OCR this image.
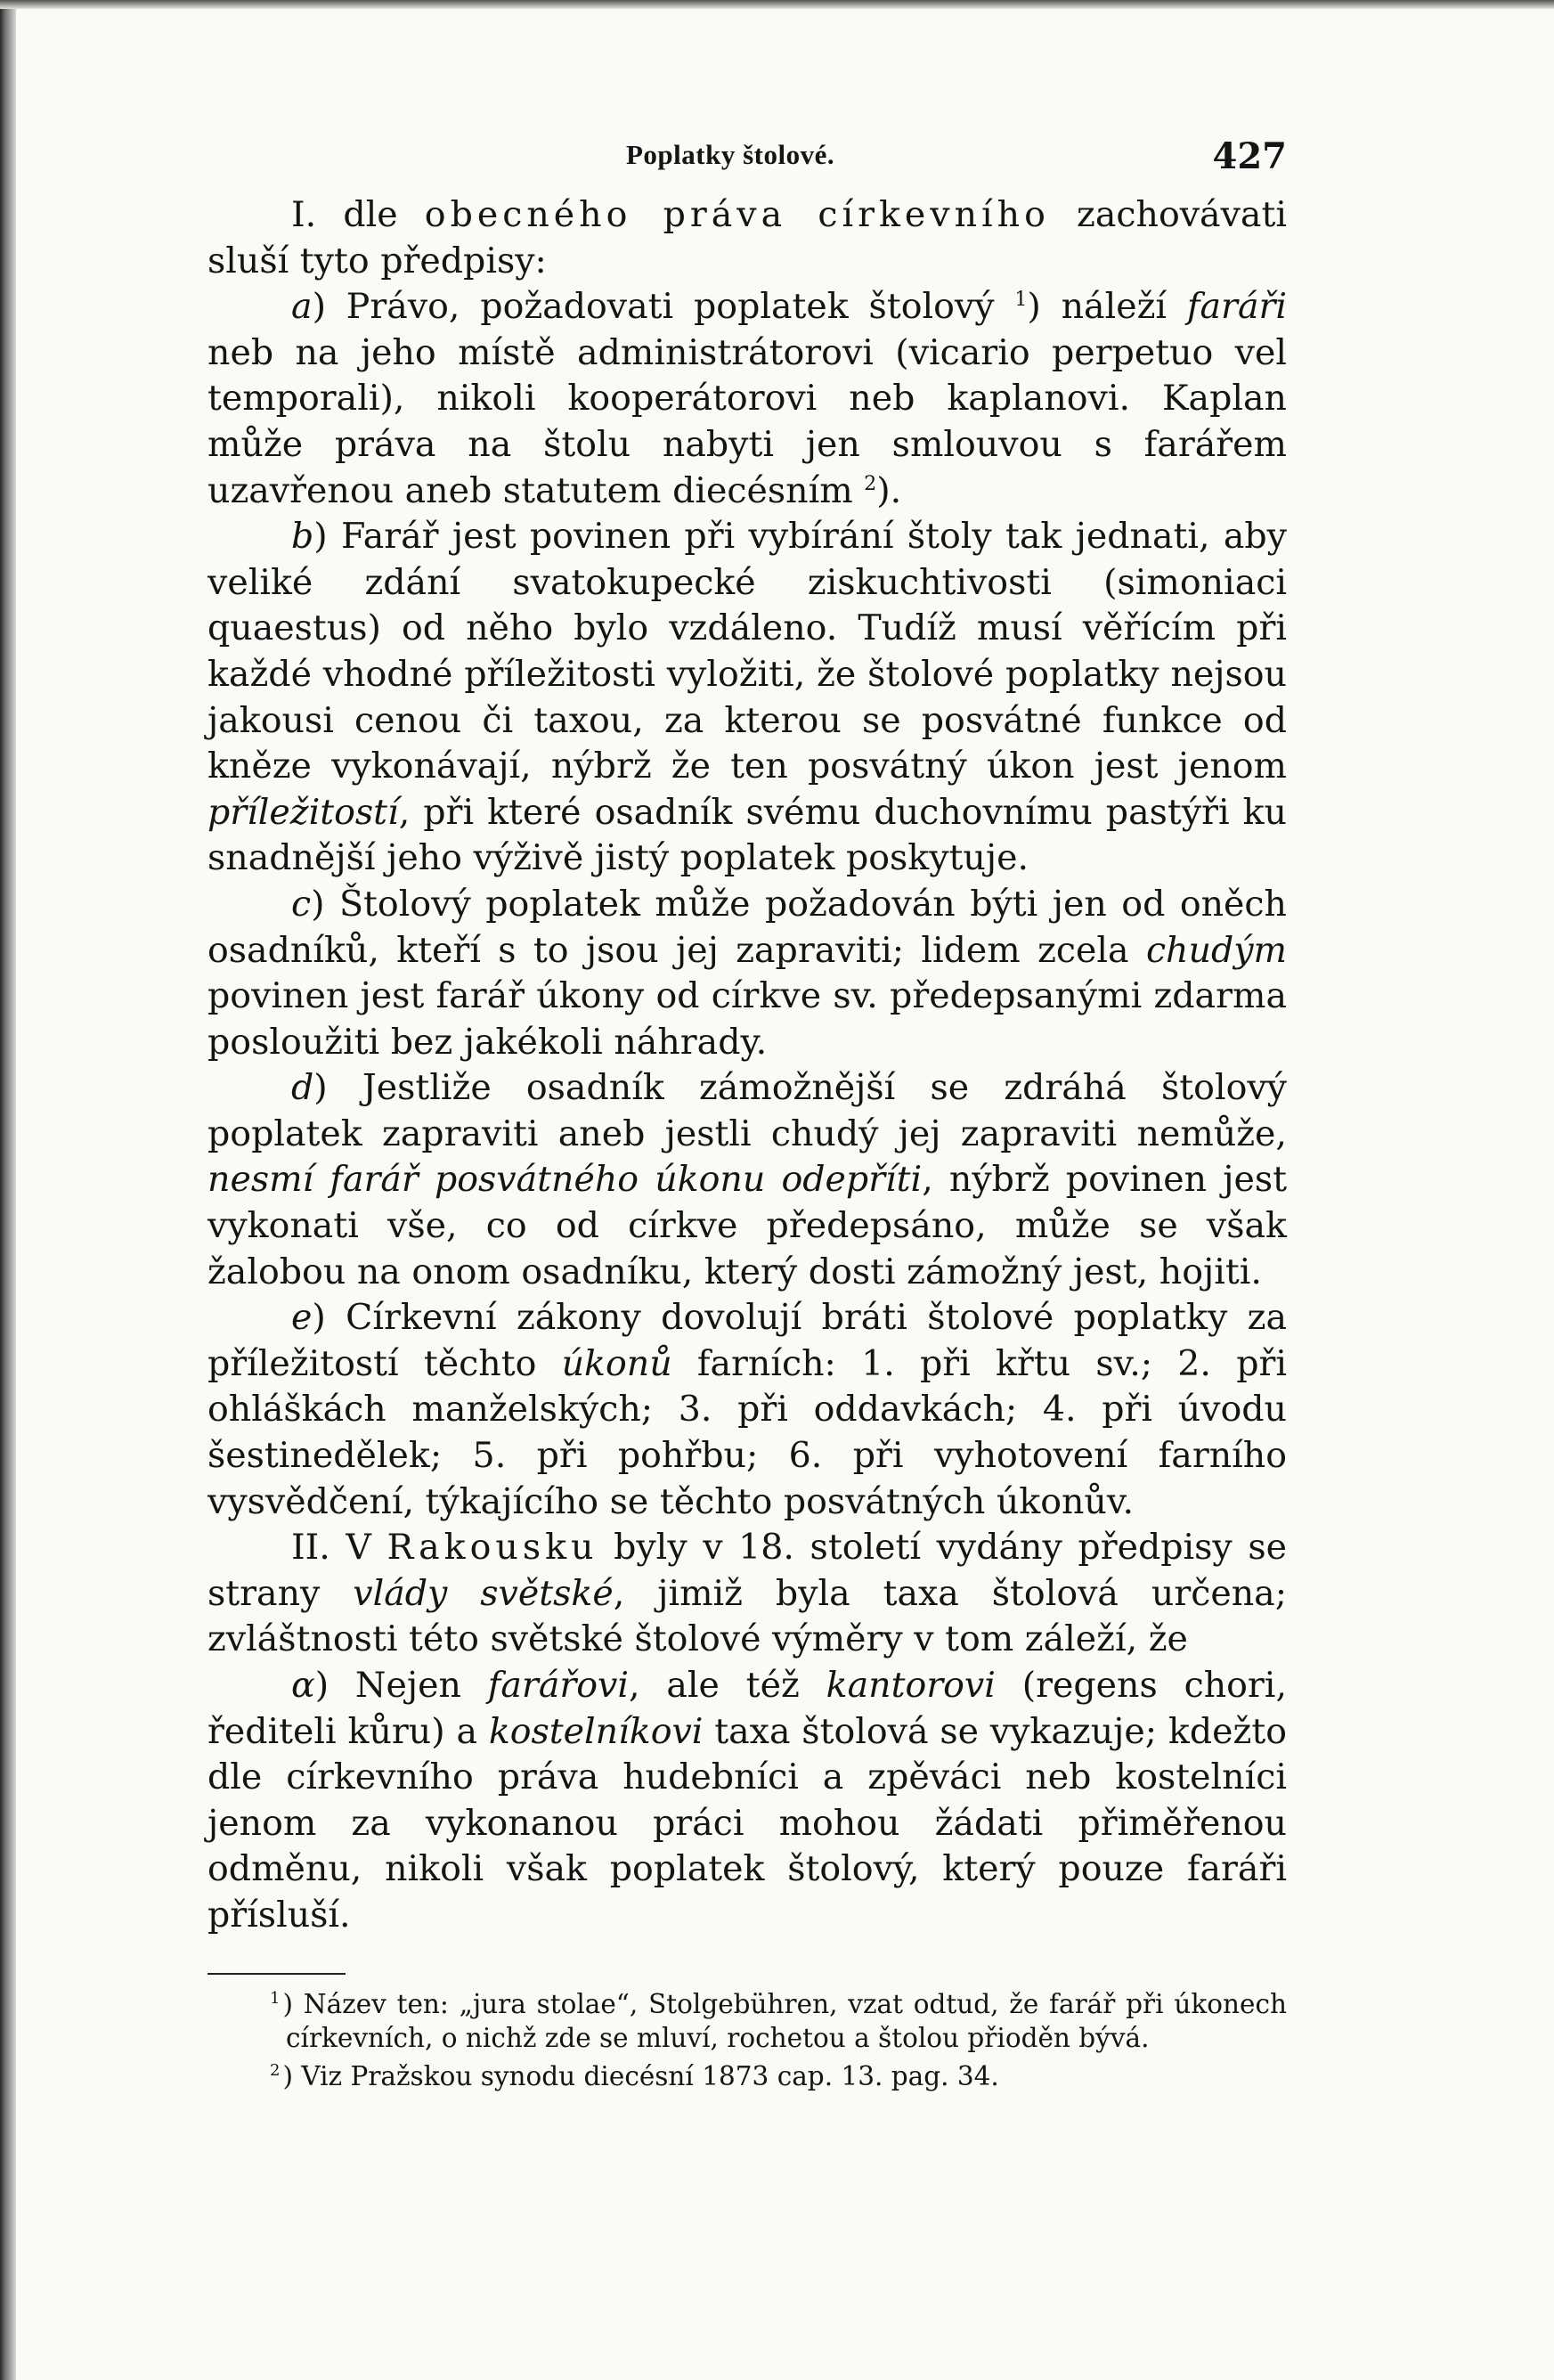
Poplatky štolové.	427

I. dle obecného práva církevního zachovávati sluší tyto předpisy:

a) Právo, požadovati poplatek štolový $^1$) náleží faráři neb na jeho místě administrátorovi (vicario perpetuo vel temporali), nikoli kooperátorovi neb kaplanovi. Kaplan může práva na štolu nabyti jen smlouvou s farářem uzavřenou aneb statutem diecésním $^2$).

b) Farář jest povinen při vybírání štoly tak jednati, aby veliké zdání svatokupecké ziskuchtivosti (simoniaci quaestus) od něho bylo vzdáleno. Tudíž musí věřícím při každé vhodné příležitosti vyložiti, že štolové poplatky nejsou jakousi cenou či taxou, za kterou se posvátné funkce od kněze vykonávají, nýbrž že ten posvátný úkon jest jenom příležitostí, při které osadník svému duchovnímu pastýři ku snadnější jeho výživě jistý poplatek poskytuje.

c) Štolový poplatek může požadován býti jen od oněch osadníků, kteří s to jsou jej zapraviti; lidem zcela chudým povinen jest farář úkony od církve sv. předepsanými zdarma posloužiti bez jakékoli náhrady.

d) Jestliže osadník zámožnější se zdráhá štolový poplatek zapraviti aneb jestli chudý jej zapraviti nemůže, nesmí farář posvátného úkonu odepříti, nýbrž povinen jest vykonati vše, co od církve předepsáno, může se však žalobou na onom osadníku, který dosti zámožný jest, hojiti.

e) Církevní zákony dovolují bráti štolové poplatky za příležitostí těchto úkonů farních: 1. při křtu sv.; 2. při ohláškách manželských; 3. při oddavkách; 4. při úvodu šestinedělek; 5. při pohřbu; 6. při vyhotovení farního vysvědčení, týkajícího se těchto posvátných úkonův.

II. V Rakousku byly v 18. století vydány předpisy se strany vlády světské, jimiž byla taxa štolová určena; zvláštnosti této světské štolové výměry v tom záleží, že

α) Nejen farářovi, ale též kantorovi (regens chori, řediteli kůru) a kostelníkovi taxa štolová se vykazuje; kdežto dle církevního práva hudebníci a zpěváci neb kostelníci jenom za vykonanou práci mohou žádati přiměřenou odměnu, nikoli však poplatek štolový, který pouze faráři přísluší.

$^1$ ) Název ten: „jura stolae“, Stolgebühren, vzat odtud, že farář při úkonech církevních, o nichž zde se mluví, rochetou a štolou přioděn bývá.

$^2$ ) Viz Pražskou synodu diecésní 1873 cap. 13. pag. 34.
